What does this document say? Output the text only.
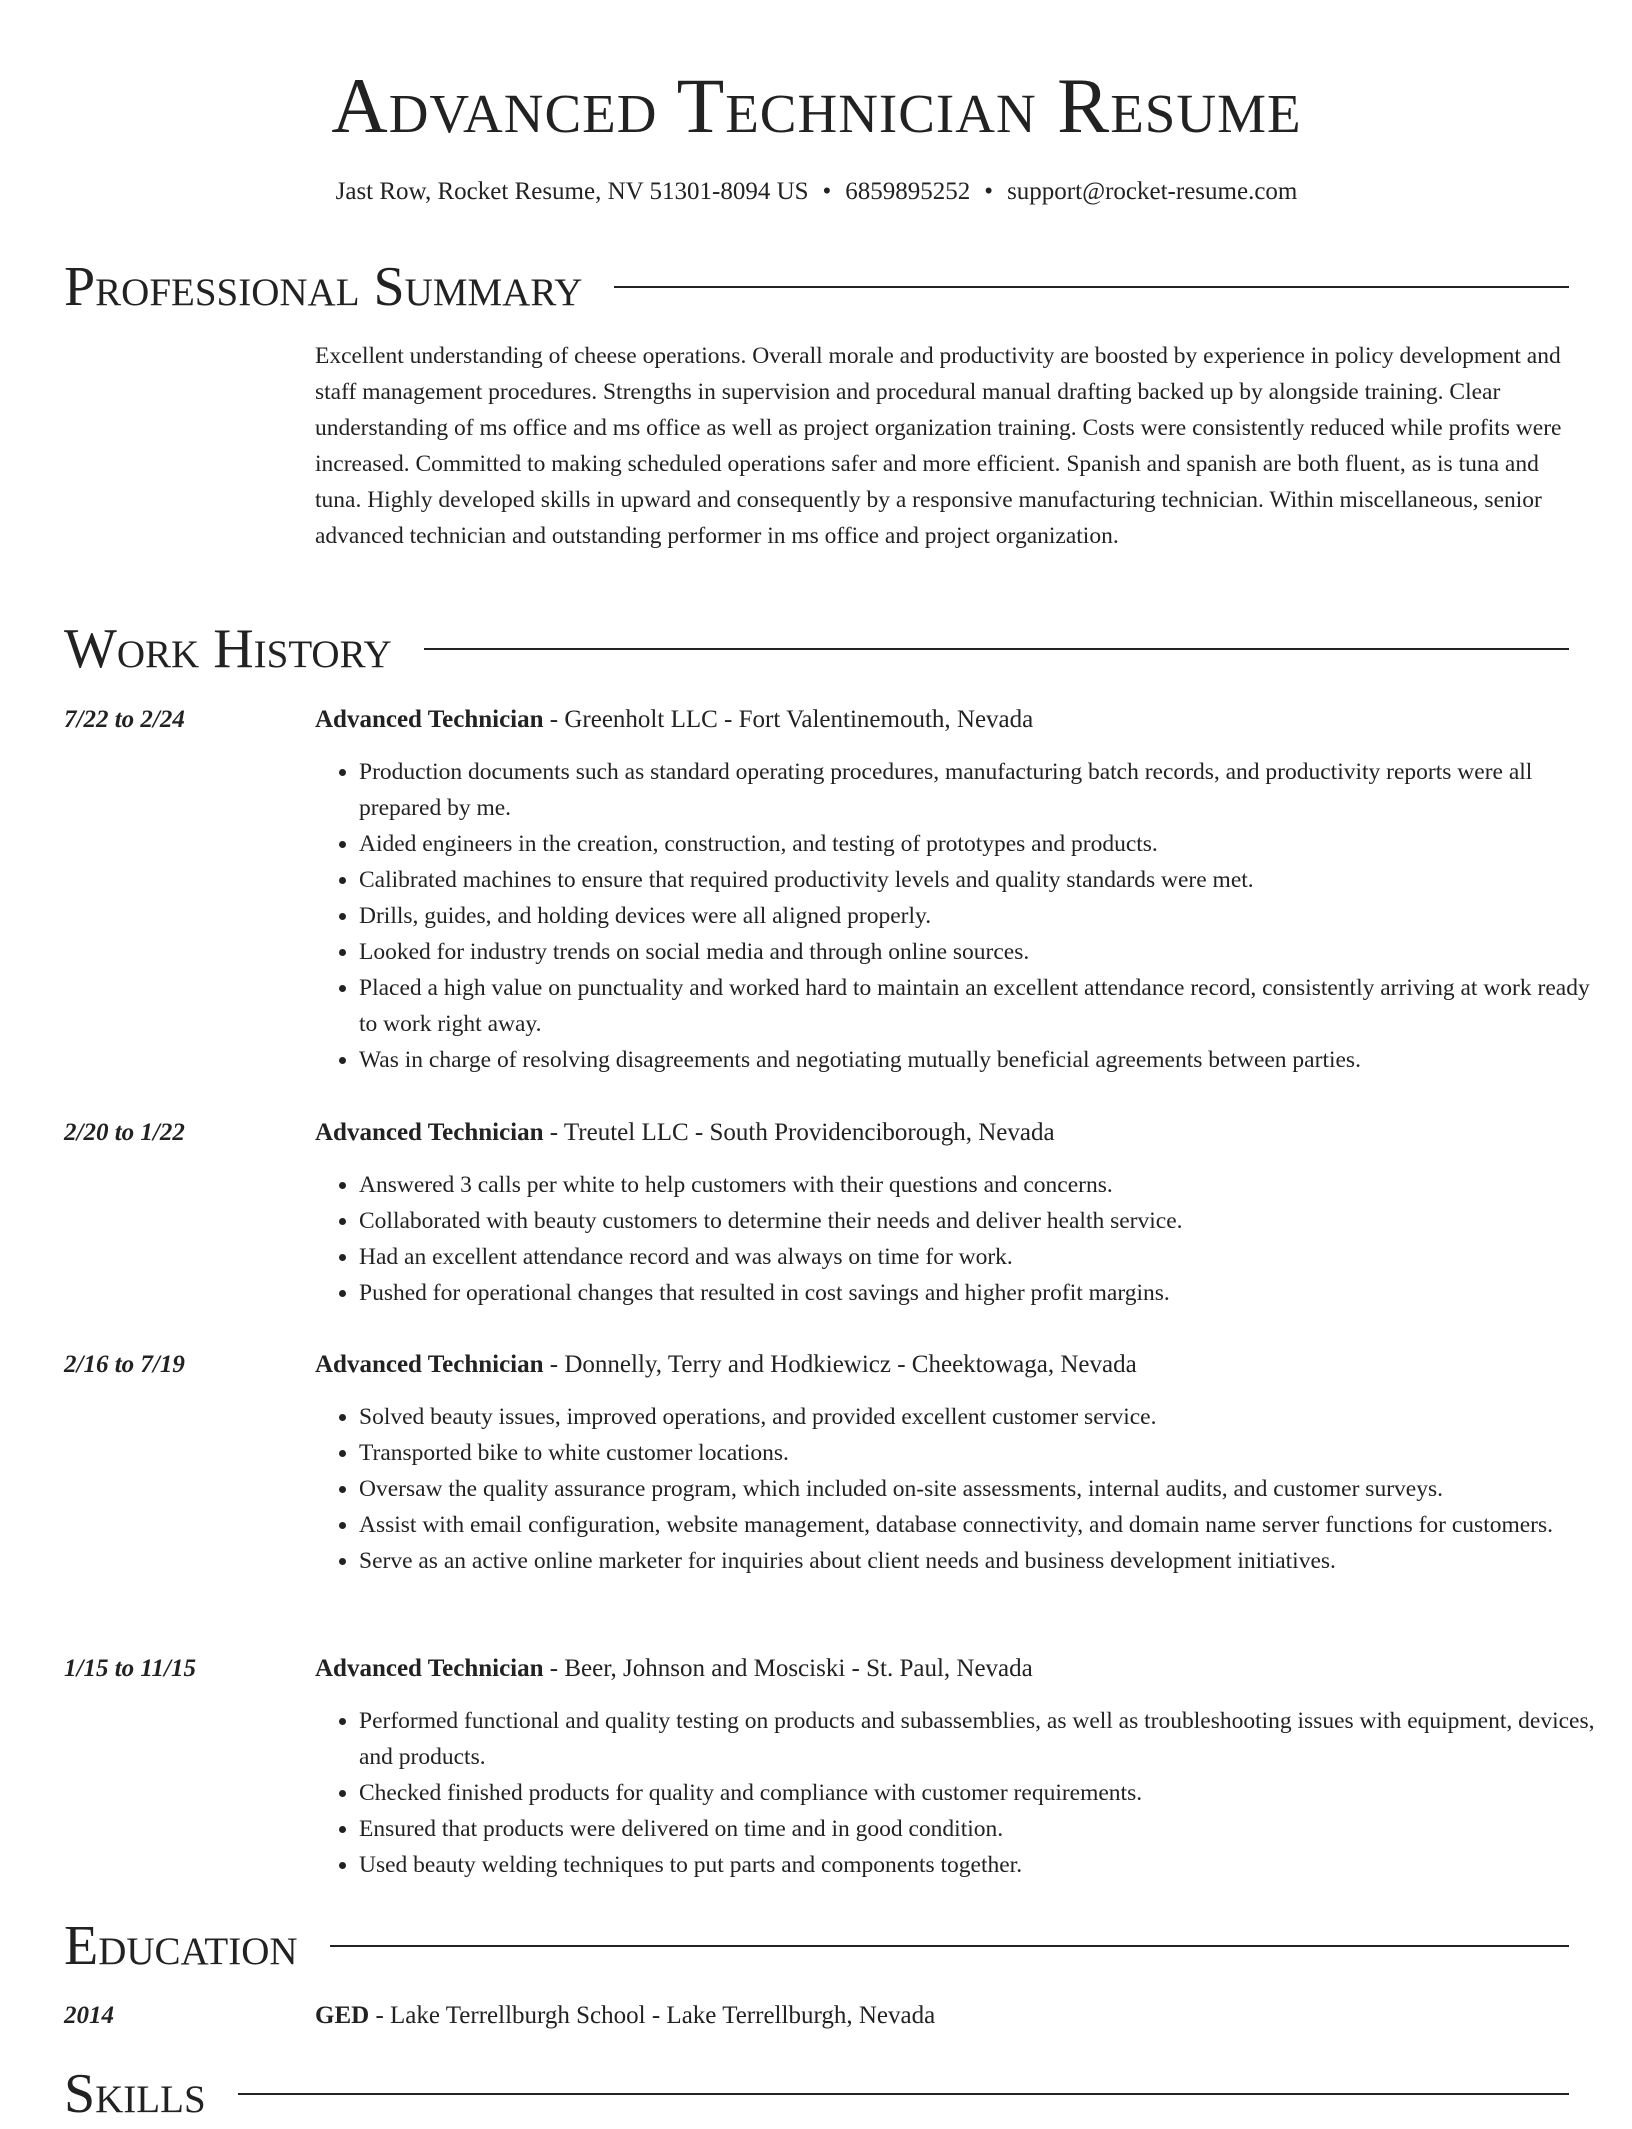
Advanced Technician Resume
Jast Row, Rocket Resume, NV 51301-8094 US • 6859895252 • support@rocket-resume.com
Professional Summary

Excellent understanding of cheese operations. Overall morale and productivity are boosted by experience in policy development and staff management procedures. Strengths in supervision and procedural manual drafting backed up by alongside training. Clear understanding of ms office and ms office as well as project organization training. Costs were consistently reduced while profits were increased. Committed to making scheduled operations safer and more efficient. Spanish and spanish are both fluent, as is tuna and tuna. Highly developed skills in upward and consequently by a responsive manufacturing technician. Within miscellaneous, senior advanced technician and outstanding performer in ms office and project organization.

Work History
7/22 to 2/24	Advanced Technician - Greenholt LLC - Fort Valentinemouth, Nevada
• Production documents such as standard operating procedures, manufacturing batch records, and productivity reports were all prepared by me.
• Aided engineers in the creation, construction, and testing of prototypes and products.
• Calibrated machines to ensure that required productivity levels and quality standards were met.
• Drills, guides, and holding devices were all aligned properly.
• Looked for industry trends on social media and through online sources.
• Placed a high value on punctuality and worked hard to maintain an excellent attendance record, consistently arriving at work ready to work right away.
• Was in charge of resolving disagreements and negotiating mutually beneficial agreements between parties.
2/20 to 1/22	Advanced Technician - Treutel LLC - South Providenciborough, Nevada
• Answered 3 calls per white to help customers with their questions and concerns.
• Collaborated with beauty customers to determine their needs and deliver health service.
• Had an excellent attendance record and was always on time for work.
• Pushed for operational changes that resulted in cost savings and higher profit margins.
2/16 to 7/19	Advanced Technician - Donnelly, Terry and Hodkiewicz - Cheektowaga, Nevada
• Solved beauty issues, improved operations, and provided excellent customer service.
• Transported bike to white customer locations.
• Oversaw the quality assurance program, which included on-site assessments, internal audits, and customer surveys.
• Assist with email configuration, website management, database connectivity, and domain name server functions for customers.
• Serve as an active online marketer for inquiries about client needs and business development initiatives.
1/15 to 11/15	Advanced Technician - Beer, Johnson and Mosciski - St. Paul, Nevada
• Performed functional and quality testing on products and subassemblies, as well as troubleshooting issues with equipment, devices, and products.
• Checked finished products for quality and compliance with customer requirements.
• Ensured that products were delivered on time and in good condition.
• Used beauty welding techniques to put parts and components together.
Education
2014	GED - Lake Terrellburgh School - Lake Terrellburgh, Nevada
Skills
